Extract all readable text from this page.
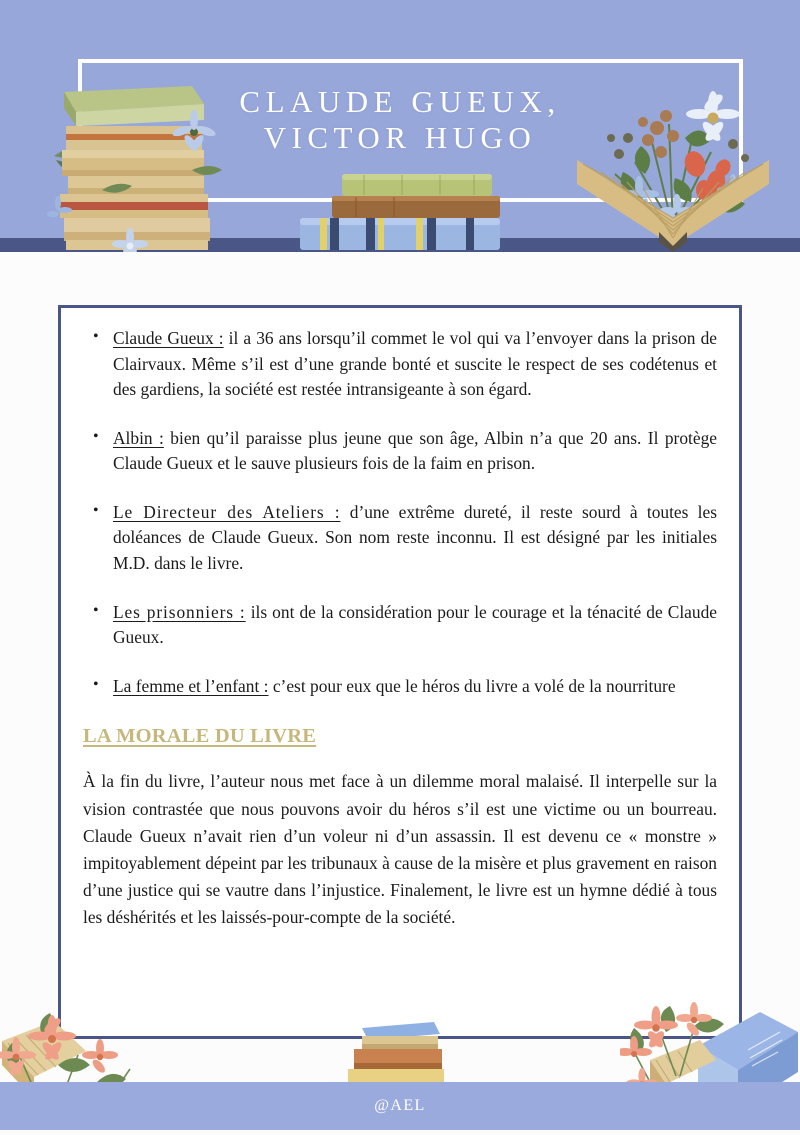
CLAUDE GUEUX,
VICTOR HUGO
• Claude Gueux : il a 36 ans lorsqu’il commet le vol qui va l’envoyer dans la prison de Clairvaux. Même s’il est d’une grande bonté et suscite le respect de ses codétenus et des gardiens, la société est restée intransigeante à son égard.
• Albin : bien qu’il paraisse plus jeune que son âge, Albin n’a que 20 ans. Il protège Claude Gueux et le sauve plusieurs fois de la faim en prison.
• Le Directeur des Ateliers : d’une extrême dureté, il reste sourd à toutes les doléances de Claude Gueux. Son nom reste inconnu. Il est désigné par les initiales M.D. dans le livre.
• Les prisonniers : ils ont de la considération pour le courage et la ténacité de Claude Gueux.
• La femme et l’enfant : c’est pour eux que le héros du livre a volé de la nourriture
LA MORALE DU LIVRE

À la fin du livre, l’auteur nous met face à un dilemme moral malaisé. Il interpelle sur la vision contrastée que nous pouvons avoir du héros s’il est une victime ou un bourreau. Claude Gueux n’avait rien d’un voleur ni d’un assassin. Il est devenu ce « monstre » impitoyablement dépeint par les tribunaux à cause de la misère et plus gravement en raison d’une justice qui se vautre dans l’injustice. Finalement, le livre est un hymne dédié à tous les déshérités et les laissés-pour-compte de la société.

@AEL
